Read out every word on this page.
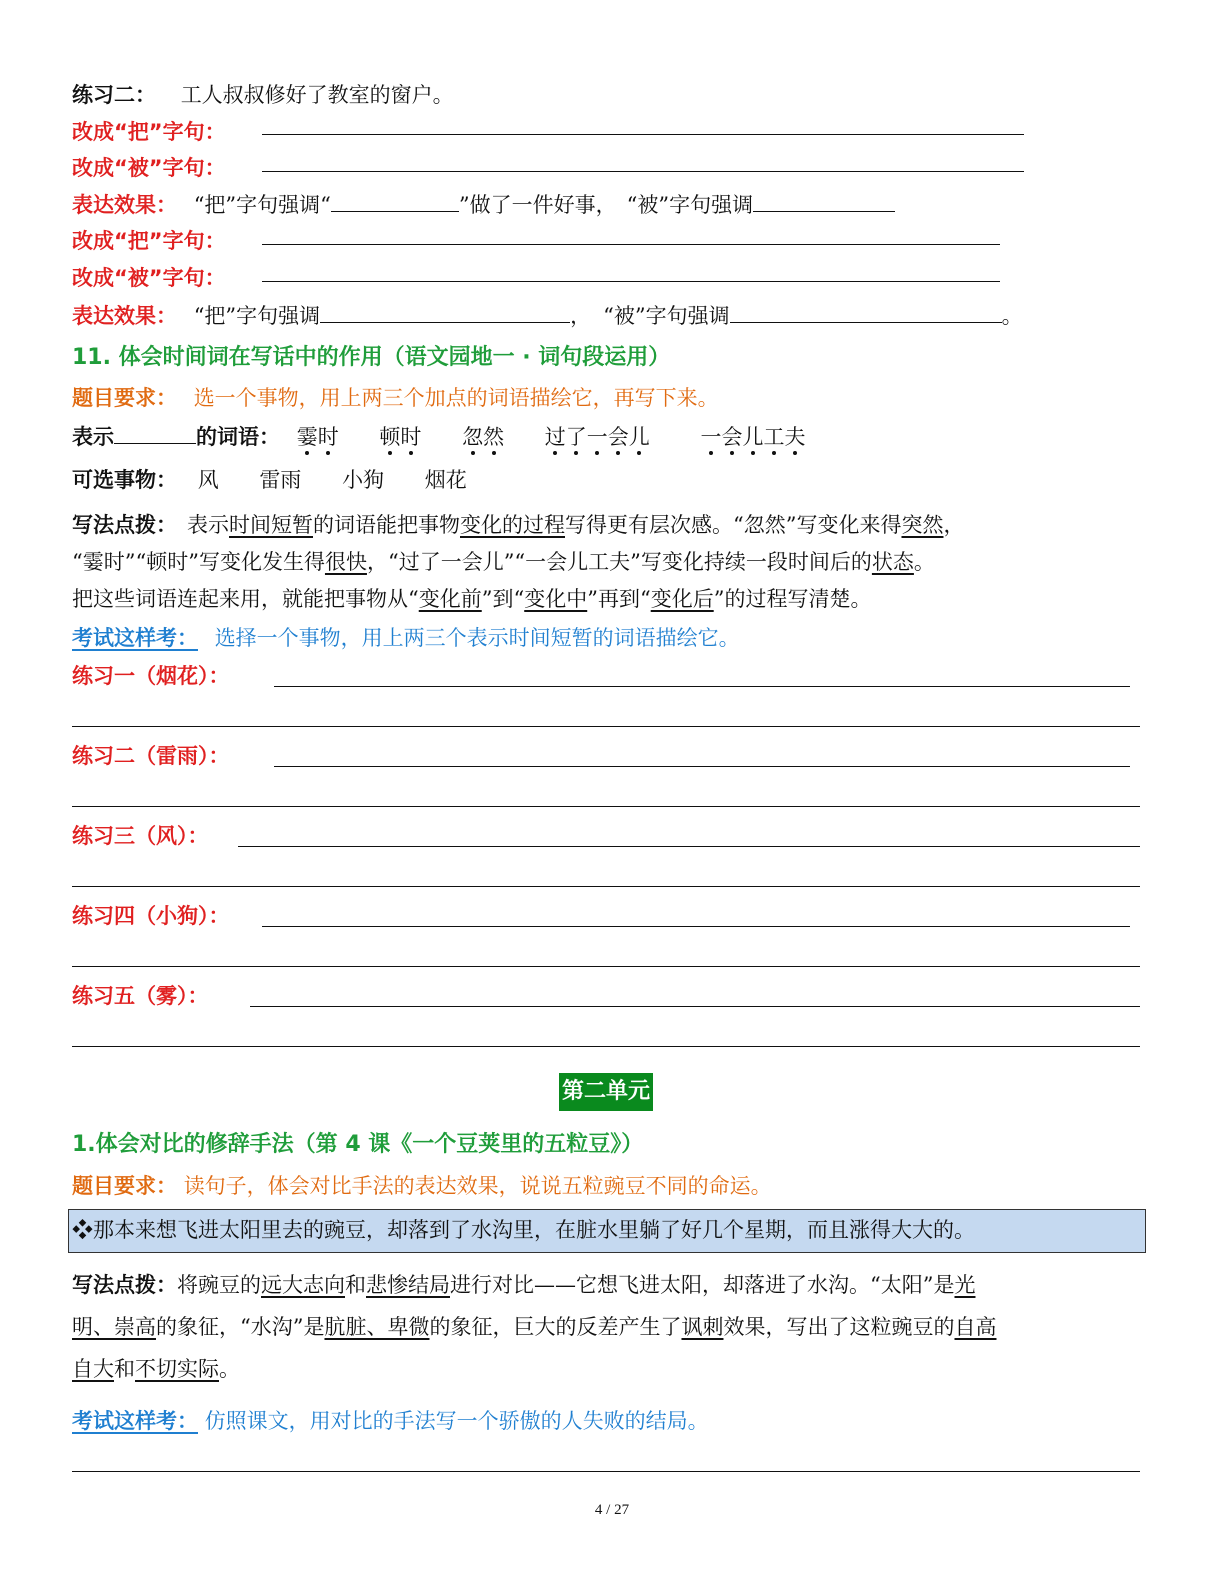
练习二： 工人叔叔修好了教室的窗户。
改成“把”字句：
改成“被”字句：
表达效果： “把”字句强调“	”做了一件好事， “被”字句强调
改成“把”字句：
改成“被”字句：
表达效果： “把”字句强调	， “被”字句强调	。
11. 体会时间词在写话中的作用（语文园地一 · 词句段运用）
题目要求： 选一个事物，用上两三个加点的词语描绘它，再写下来。
表示	的词语： 霎时 顿时 忽然 过了一会儿 一会儿工夫
可选事物： 风 雷雨 小狗 烟花
写法点拨： 表示时间短暂的词语能把事物变化的过程写得更有层次感。“忽然”写变化来得突然，
“霎时”“顿时”写变化发生得很快，“过了一会儿”“一会儿工夫”写变化持续一段时间后的状态。
把这些词语连起来用，就能把事物从“变化前”到“变化中”再到“变化后”的过程写清楚。
考试这样考： 选择一个事物，用上两三个表示时间短暂的词语描绘它。
练习一（烟花）：
练习二（雷雨）：
练习三（风）：
练习四（小狗）：
练习五（雾）：
第二单元
1.体会对比的修辞手法（第 4 课《一个豆荚里的五粒豆》）
题目要求： 读句子，体会对比手法的表达效果，说说五粒豌豆不同的命运。
❖那本来想飞进太阳里去的豌豆，却落到了水沟里，在脏水里躺了好几个星期，而且涨得大大的。
写法点拨：将豌豆的远大志向和悲惨结局进行对比——它想飞进太阳，却落进了水沟。“太阳”是光
明、崇高的象征，“水沟”是肮脏、卑微的象征，巨大的反差产生了讽刺效果，写出了这粒豌豆的自高
自大和不切实际。
考试这样考： 仿照课文，用对比的手法写一个骄傲的人失败的结局。
4 / 27
